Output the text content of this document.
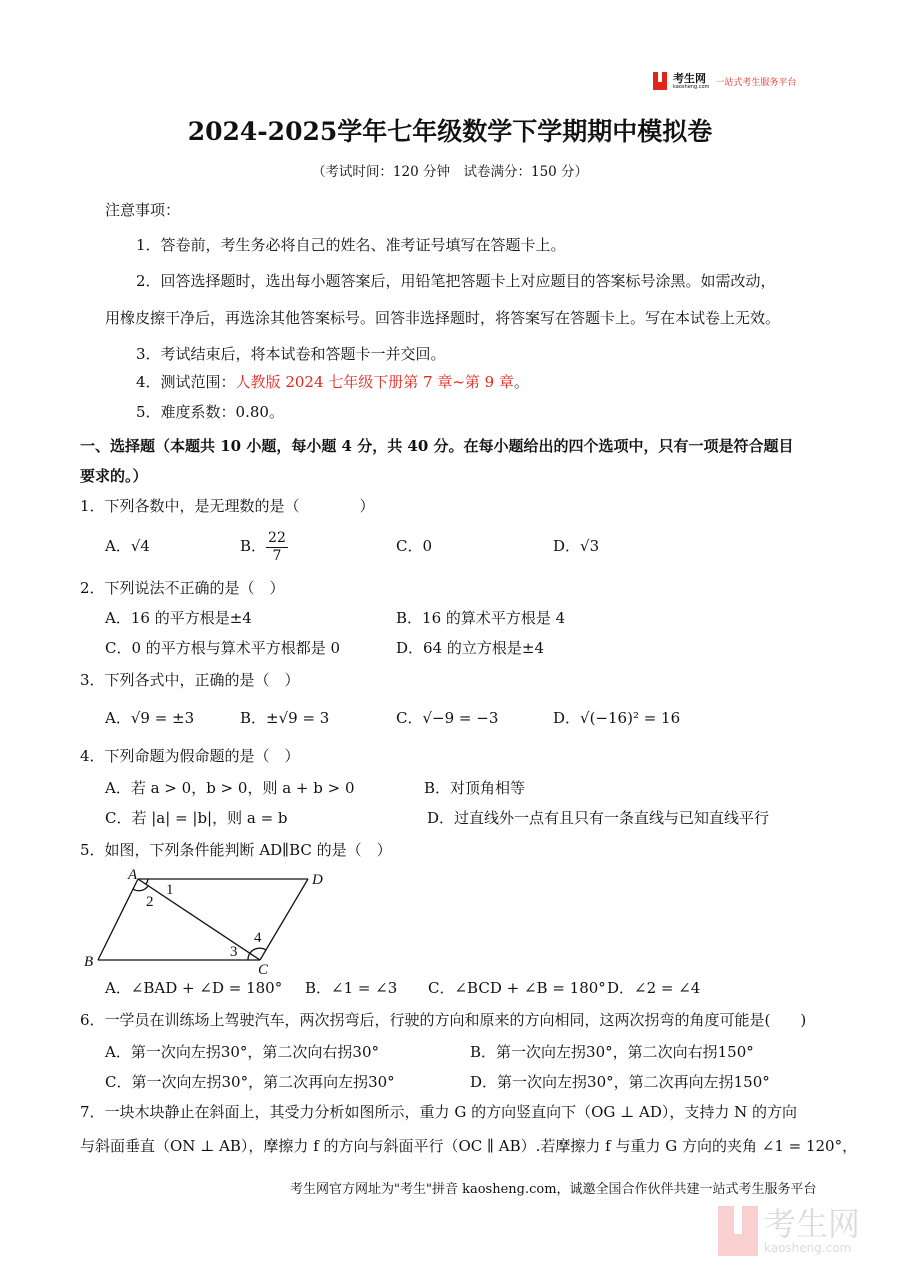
考生网
kaosheng.com 一站式考生服务平台
2024-2025学年七年级数学下学期期中模拟卷
（考试时间：120 分钟　试卷满分：150 分）
注意事项：
1．答卷前，考生务必将自己的姓名、准考证号填写在答题卡上。
2．回答选择题时，选出每小题答案后，用铅笔把答题卡上对应题目的答案标号涂黑。如需改动，
用橡皮擦干净后，再选涂其他答案标号。回答非选择题时，将答案写在答题卡上。写在本试卷上无效。
3．考试结束后，将本试卷和答题卡一并交回。
4．测试范围：人教版 2024 七年级下册第 7 章~第 9 章。
5．难度系数：0.80。
一、选择题（本题共 10 小题，每小题 4 分，共 40 分。在每小题给出的四个选项中，只有一项是符合题目
要求的。）
1．下列各数中，是无理数的是（　　　　）
A．√4	B． $\frac{22}{7}$	C．0	D．√3
2．下列说法不正确的是（　）
A．16 的平方根是±4	B．16 的算术平方根是 4
C．0 的平方根与算术平方根都是 0	D．64 的立方根是±4
3．下列各式中，正确的是（　）
A．√9 = ±3	B．±√9 = 3	C．√−9 = −3	D．√(−16)² = 16
4．下列命题为假命题的是（　）
A．若 a > 0，b > 0，则 a + b > 0	B．对顶角相等
C．若 |a| = |b|，则 a = b	D．过直线外一点有且只有一条直线与已知直线平行
5．如图，下列条件能判断 AD∥BC 的是（　）
A
B	C
D
1
2
3
4
A．∠BAD + ∠D = 180° B．∠1 = ∠3 C．∠BCD + ∠B = 180° D．∠2 = ∠4
6．一学员在训练场上驾驶汽车，两次拐弯后，行驶的方向和原来的方向相同，这两次拐弯的角度可能是(　　)
A．第一次向左拐30°，第二次向右拐30°	B．第一次向左拐30°，第二次向右拐150°
C．第一次向左拐30°，第二次再向左拐30°	D．第一次向左拐30°，第二次再向左拐150°
7．一块木块静止在斜面上，其受力分析如图所示，重力 G 的方向竖直向下（OG ⊥ AD），支持力 N 的方向
与斜面垂直（ON ⊥ AB），摩擦力 f 的方向与斜面平行（OC ∥ AB）.若摩擦力 f 与重力 G 方向的夹角 ∠1 = 120°，
考生网官方网址为"考生"拼音 kaosheng.com，诚邀全国合作伙伴共建一站式考生服务平台
考生网
kaosheng.com
